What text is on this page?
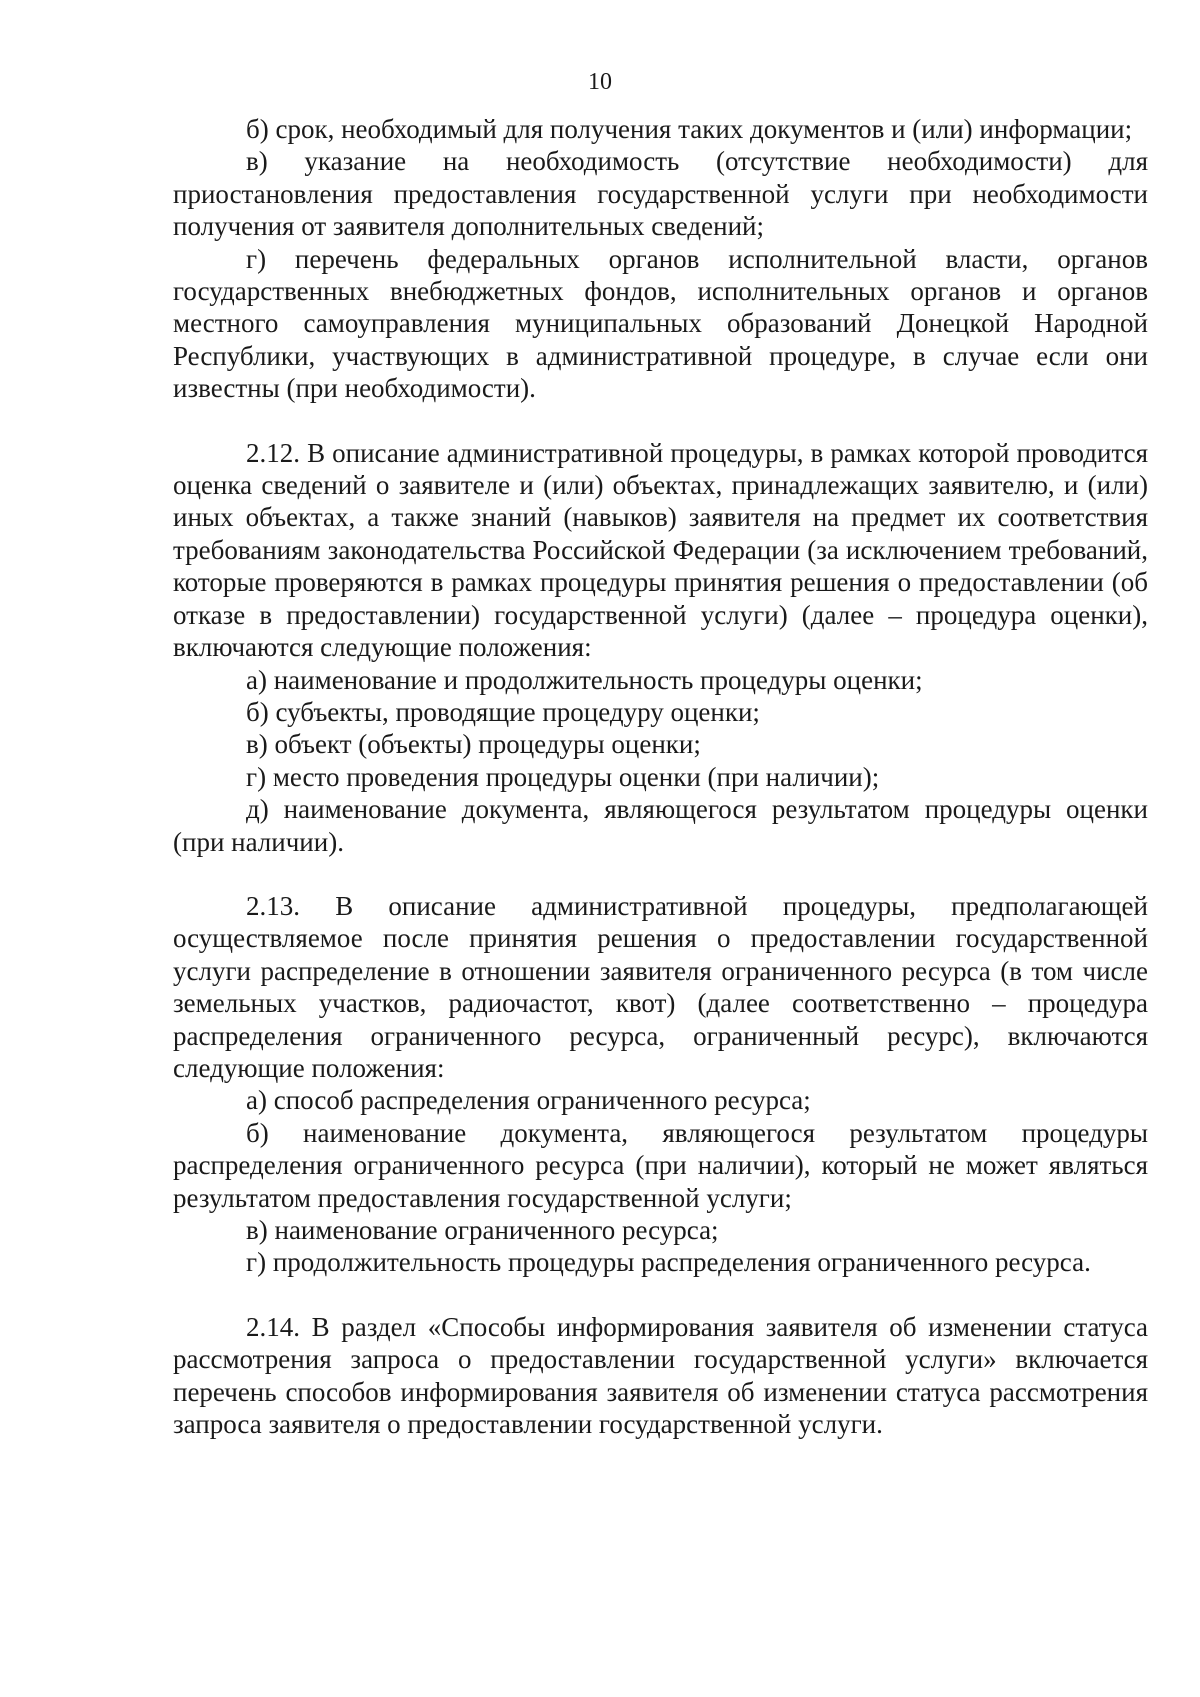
10

б) срок, необходимый для получения таких документов и (или) информации;

в) указание на необходимость (отсутствие необходимости) для приостановления предоставления государственной услуги при необходимости получения от заявителя дополнительных сведений;

г) перечень федеральных органов исполнительной власти, органов государственных внебюджетных фондов, исполнительных органов и органов местного самоуправления муниципальных образований Донецкой Народной Республики, участвующих в административной процедуре, в случае если они известны (при необходимости).

2.12. В описание административной процедуры, в рамках которой проводится оценка сведений о заявителе и (или) объектах, принадлежащих заявителю, и (или) иных объектах, а также знаний (навыков) заявителя на предмет их соответствия требованиям законодательства Российской Федерации (за исключением требований, которые проверяются в рамках процедуры принятия решения о предоставлении (об отказе в предоставлении) государственной услуги) (далее – процедура оценки), включаются следующие положения:

а) наименование и продолжительность процедуры оценки;

б) субъекты, проводящие процедуру оценки;

в) объект (объекты) процедуры оценки;

г) место проведения процедуры оценки (при наличии);

д) наименование документа, являющегося результатом процедуры оценки (при наличии).

2.13. В описание административной процедуры, предполагающей осуществляемое после принятия решения о предоставлении государственной услуги распределение в отношении заявителя ограниченного ресурса (в том числе земельных участков, радиочастот, квот) (далее соответственно – процедура распределения ограниченного ресурса, ограниченный ресурс), включаются следующие положения:

а) способ распределения ограниченного ресурса;

б) наименование документа, являющегося результатом процедуры распределения ограниченного ресурса (при наличии), который не может являться результатом предоставления государственной услуги;

в) наименование ограниченного ресурса;

г) продолжительность процедуры распределения ограниченного ресурса.

2.14. В раздел «Способы информирования заявителя об изменении статуса рассмотрения запроса о предоставлении государственной услуги» включается перечень способов информирования заявителя об изменении статуса рассмотрения запроса заявителя о предоставлении государственной услуги.
